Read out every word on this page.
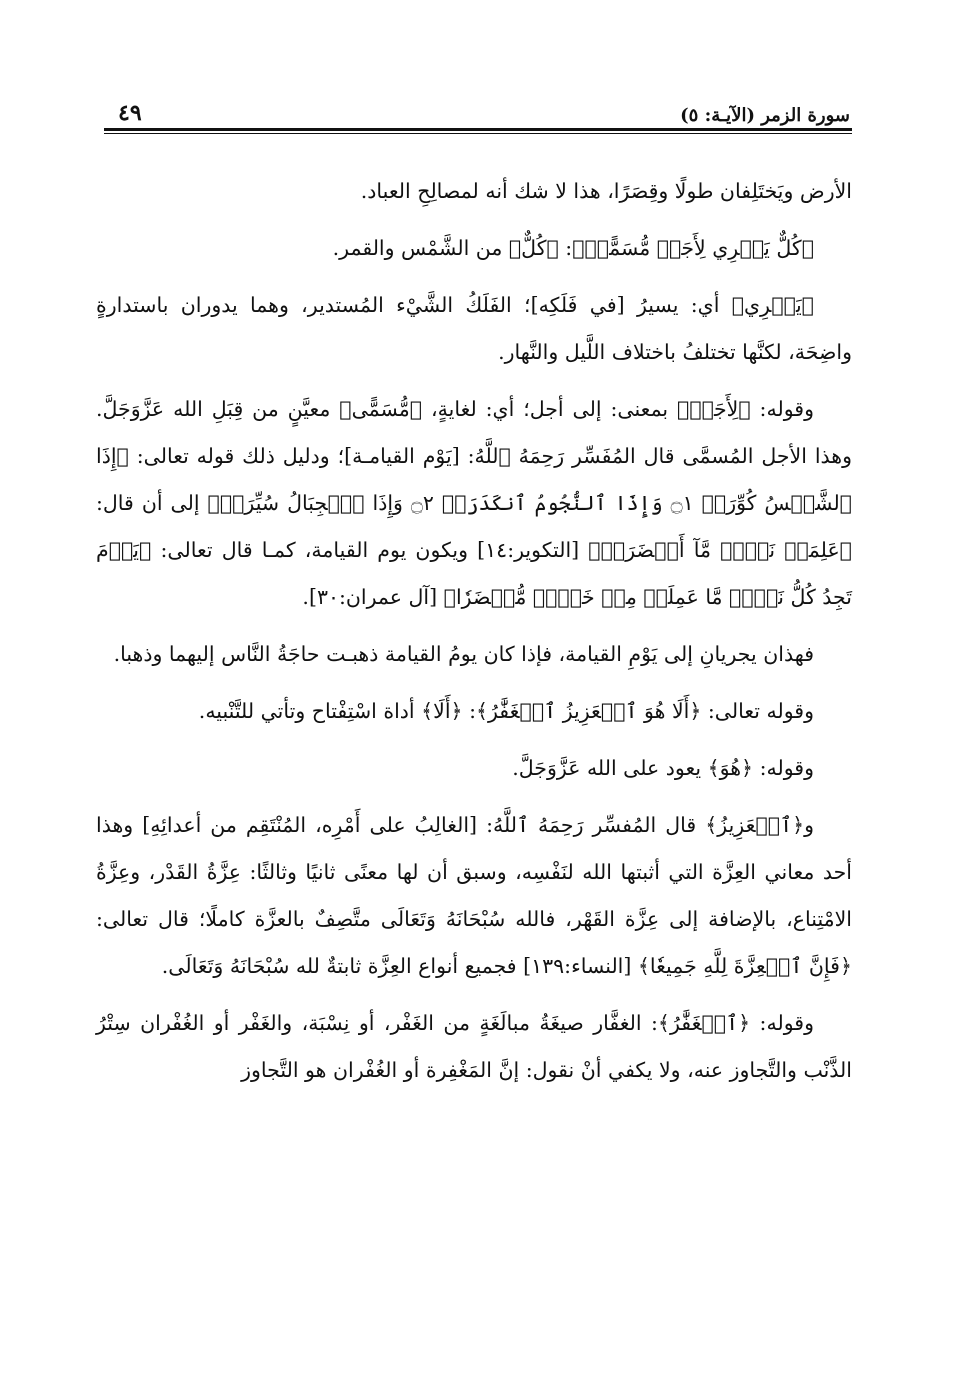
سورة الزمر (الآيـة: ٥)
٤٩

الأرض ويَختَلِفان طولًا وقِصَرًا، هذا لا شك أنه لمصالِحِ العباد.

﴿كُلٌّ يَجۡرِي لِأَجَلٖ مُّسَمًّىۗ﴾: ﴿كُلٌّ﴾ من الشَّمْس والقمر.

﴿يَجۡرِي﴾ أي: يسيرُ [في فَلَكِه]؛ الفَلَكُ الشَّيْء المُستدير، وهما يدوران باستدارةٍ واضِحَة، لكنَّها تختلفُ باختلاف اللَّيل والنَّهار.

وقوله: ﴿لِأَجَلٖ﴾ بمعنى: إلى أجل؛ أي: لغايةٍ، ﴿مُّسَمًّى﴾ معيَّنٍ من قِبَلِ الله عَزَّوَجَلَّ. وهذا الأجل المُسمَّى قال المُفَسِّر رَحِمَهُ ٱللَّهُ: [يَوْم القيامـة]؛ ودليل ذلك قوله تعالى: ﴿إِذَا ٱلشَّمۡسُ كُوِّرَتۡ ۝١ وَإِذَا ٱلنُّجُومُ ٱنكَدَرَتۡ ۝٢ وَإِذَا ٱلۡجِبَالُ سُيِّرَتۡ﴾ إلى أن قال: ﴿عَلِمَتۡ نَفۡسٞ مَّآ أَحۡضَرَتۡ﴾ [التكوير:١٤] ويكون يوم القيامة، كمـا قال تعالى: ﴿يَوۡمَ تَجِدُ كُلُّ نَفۡسٖ مَّا عَمِلَتۡ مِنۡ خَيۡرٖ مُّحۡضَرٗا﴾ [آل عمران:٣٠].

فهذان يجريانِ إلى يَوْمِ القيامة، فإذا كان يومُ القيامة ذهبـت حاجَةُ النَّاس إليهما وذهبا.

وقوله تعالى: ﴿أَلَا هُوَ ٱلۡعَزِيزُ ٱلۡغَفَّٰرُ﴾: ﴿أَلَا﴾ أداة اسْتِفْتاح وتأتي للتَّنْبيه.

وقوله: ﴿هُوَ﴾ يعود على الله عَزَّوَجَلَّ.

و﴿ٱلۡعَزِيزُ﴾ قال المُفسِّر رَحِمَهُ ٱللَّهُ: [الغالِبُ على أَمْرِه، المُنْتَقِم من أعدائِهِ] وهذا أحد معاني العِزَّة التي أثبتها الله لنَفْسِه، وسبق أن لها معنًى ثانيًا وثالثًا: عِزَّةُ القَدْر، وعِزَّةُ الامْتِناع، بالإضافة إلى عِزَّة القَهْر، فالله سُبْحَانَهُ وَتَعَالَى متَّصِفٌ بالعزَّة كاملًا؛ قال تعالى: ﴿فَإِنَّ ٱلۡعِزَّةَ لِلَّهِ جَمِيعٗا﴾ [النساء:١٣٩] فجميع أنواع العِزَّة ثابتةٌ لله سُبْحَانَهُ وَتَعَالَى.

وقوله: ﴿ٱلۡغَفَّٰرُ﴾: الغفَّار صيغَةُ مبالَغَةٍ من الغَفْر، أو نِسْبَة، والغَفْر أو الغُفْران سِتْرُ الذَّنْب والتَّجاوز عنه، ولا يكفي أنْ نقول: إنَّ المَغْفِرة أو الغُفْران هو التَّجاوز
